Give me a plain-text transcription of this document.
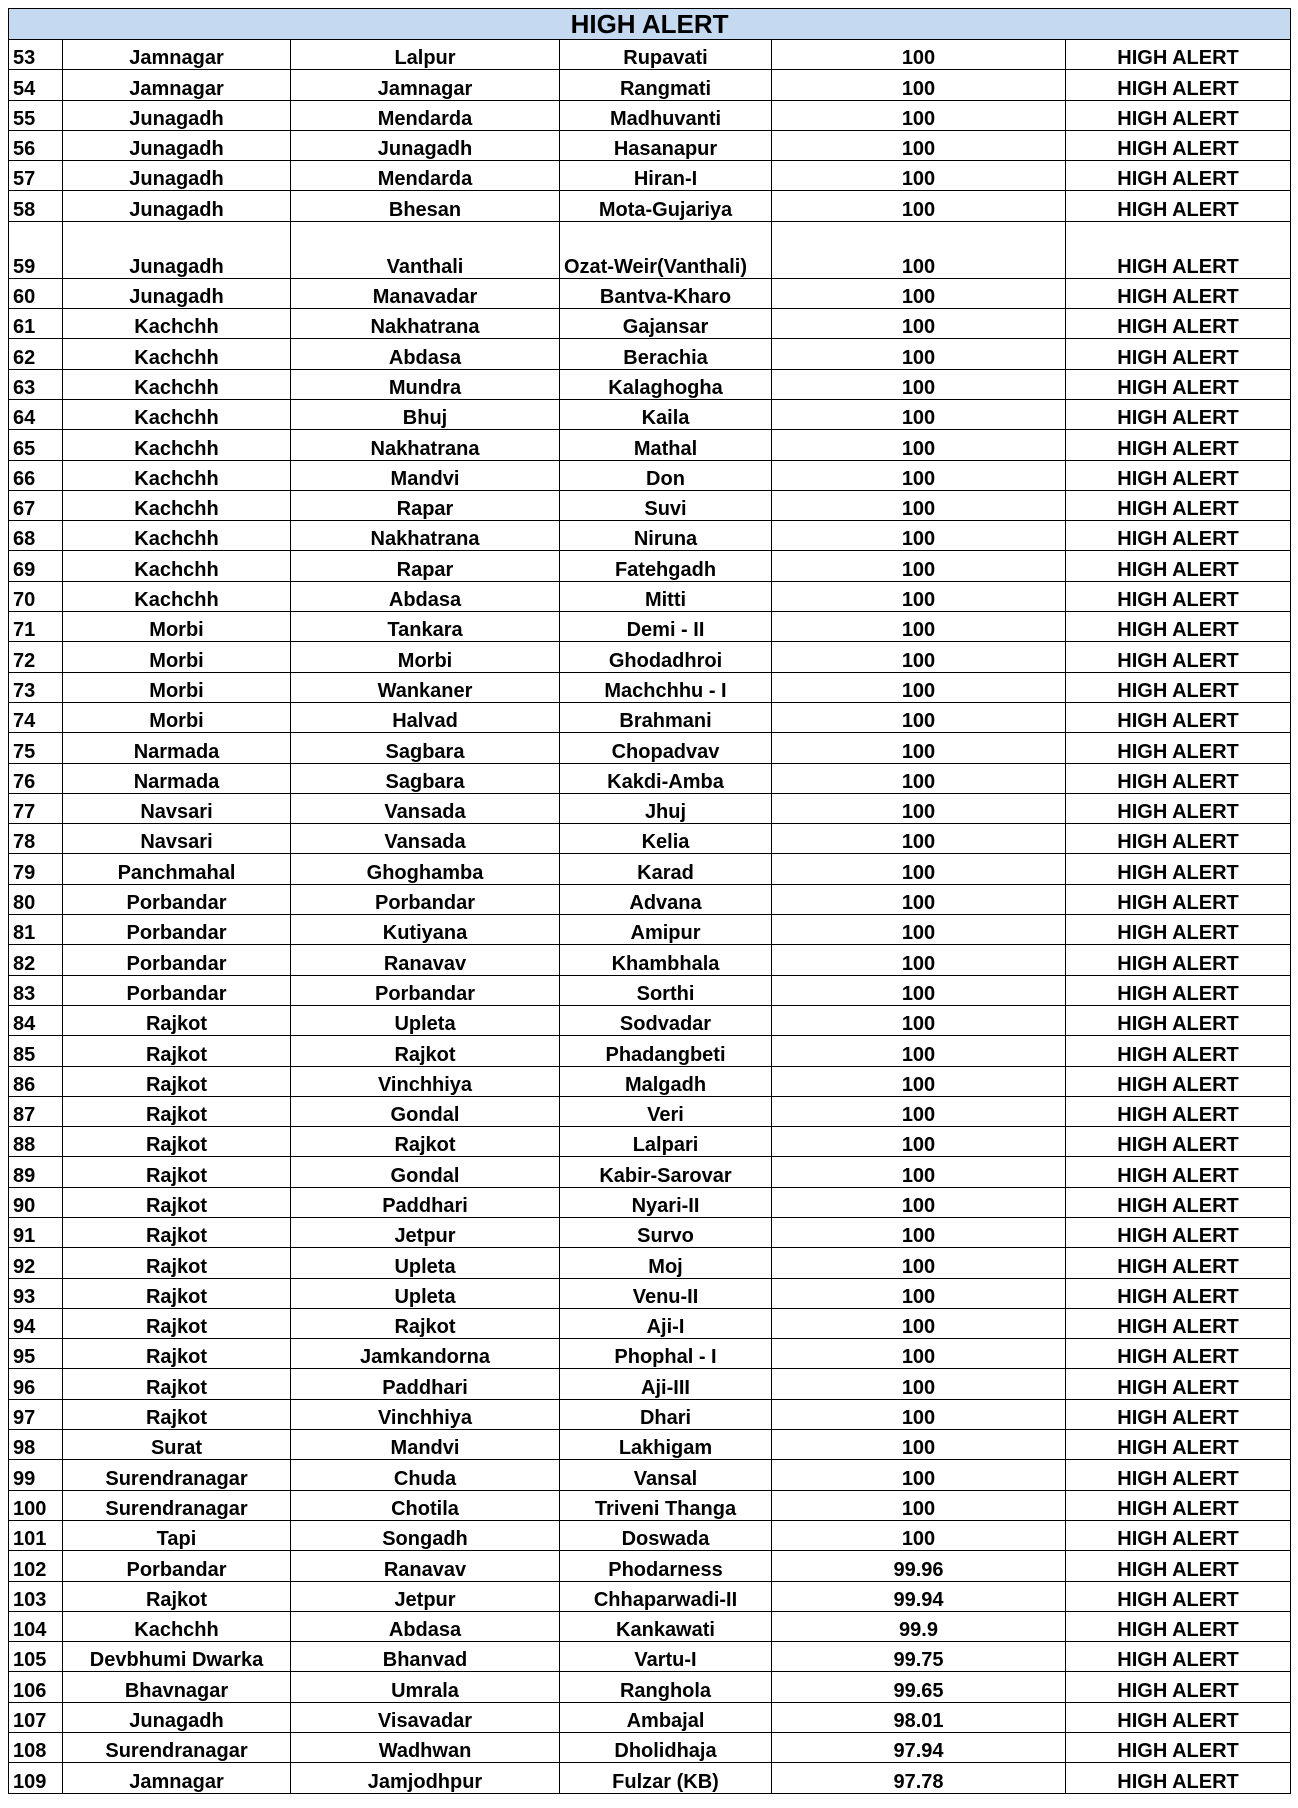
HIGH ALERT					
53	Jamnagar	Lalpur	Rupavati	100	HIGH ALERT
54	Jamnagar	Jamnagar	Rangmati	100	HIGH ALERT
55	Junagadh	Mendarda	Madhuvanti	100	HIGH ALERT
56	Junagadh	Junagadh	Hasanapur	100	HIGH ALERT
57	Junagadh	Mendarda	Hiran-I	100	HIGH ALERT
58	Junagadh	Bhesan	Mota-Gujariya	100	HIGH ALERT
59	Junagadh	Vanthali	Ozat-Weir(Vanthali)	100	HIGH ALERT
60	Junagadh	Manavadar	Bantva-Kharo	100	HIGH ALERT
61	Kachchh	Nakhatrana	Gajansar	100	HIGH ALERT
62	Kachchh	Abdasa	Berachia	100	HIGH ALERT
63	Kachchh	Mundra	Kalaghogha	100	HIGH ALERT
64	Kachchh	Bhuj	Kaila	100	HIGH ALERT
65	Kachchh	Nakhatrana	Mathal	100	HIGH ALERT
66	Kachchh	Mandvi	Don	100	HIGH ALERT
67	Kachchh	Rapar	Suvi	100	HIGH ALERT
68	Kachchh	Nakhatrana	Niruna	100	HIGH ALERT
69	Kachchh	Rapar	Fatehgadh	100	HIGH ALERT
70	Kachchh	Abdasa	Mitti	100	HIGH ALERT
71	Morbi	Tankara	Demi - II	100	HIGH ALERT
72	Morbi	Morbi	Ghodadhroi	100	HIGH ALERT
73	Morbi	Wankaner	Machchhu - I	100	HIGH ALERT
74	Morbi	Halvad	Brahmani	100	HIGH ALERT
75	Narmada	Sagbara	Chopadvav	100	HIGH ALERT
76	Narmada	Sagbara	Kakdi-Amba	100	HIGH ALERT
77	Navsari	Vansada	Jhuj	100	HIGH ALERT
78	Navsari	Vansada	Kelia	100	HIGH ALERT
79	Panchmahal	Ghoghamba	Karad	100	HIGH ALERT
80	Porbandar	Porbandar	Advana	100	HIGH ALERT
81	Porbandar	Kutiyana	Amipur	100	HIGH ALERT
82	Porbandar	Ranavav	Khambhala	100	HIGH ALERT
83	Porbandar	Porbandar	Sorthi	100	HIGH ALERT
84	Rajkot	Upleta	Sodvadar	100	HIGH ALERT
85	Rajkot	Rajkot	Phadangbeti	100	HIGH ALERT
86	Rajkot	Vinchhiya	Malgadh	100	HIGH ALERT
87	Rajkot	Gondal	Veri	100	HIGH ALERT
88	Rajkot	Rajkot	Lalpari	100	HIGH ALERT
89	Rajkot	Gondal	Kabir-Sarovar	100	HIGH ALERT
90	Rajkot	Paddhari	Nyari-II	100	HIGH ALERT
91	Rajkot	Jetpur	Survo	100	HIGH ALERT
92	Rajkot	Upleta	Moj	100	HIGH ALERT
93	Rajkot	Upleta	Venu-II	100	HIGH ALERT
94	Rajkot	Rajkot	Aji-I	100	HIGH ALERT
95	Rajkot	Jamkandorna	Phophal - I	100	HIGH ALERT
96	Rajkot	Paddhari	Aji-III	100	HIGH ALERT
97	Rajkot	Vinchhiya	Dhari	100	HIGH ALERT
98	Surat	Mandvi	Lakhigam	100	HIGH ALERT
99	Surendranagar	Chuda	Vansal	100	HIGH ALERT
100	Surendranagar	Chotila	Triveni Thanga	100	HIGH ALERT
101	Tapi	Songadh	Doswada	100	HIGH ALERT
102	Porbandar	Ranavav	Phodarness	99.96	HIGH ALERT
103	Rajkot	Jetpur	Chhaparwadi-II	99.94	HIGH ALERT
104	Kachchh	Abdasa	Kankawati	99.9	HIGH ALERT
105	Devbhumi Dwarka	Bhanvad	Vartu-I	99.75	HIGH ALERT
106	Bhavnagar	Umrala	Ranghola	99.65	HIGH ALERT
107	Junagadh	Visavadar	Ambajal	98.01	HIGH ALERT
108	Surendranagar	Wadhwan	Dholidhaja	97.94	HIGH ALERT
109	Jamnagar	Jamjodhpur	Fulzar (KB)	97.78	HIGH ALERT
